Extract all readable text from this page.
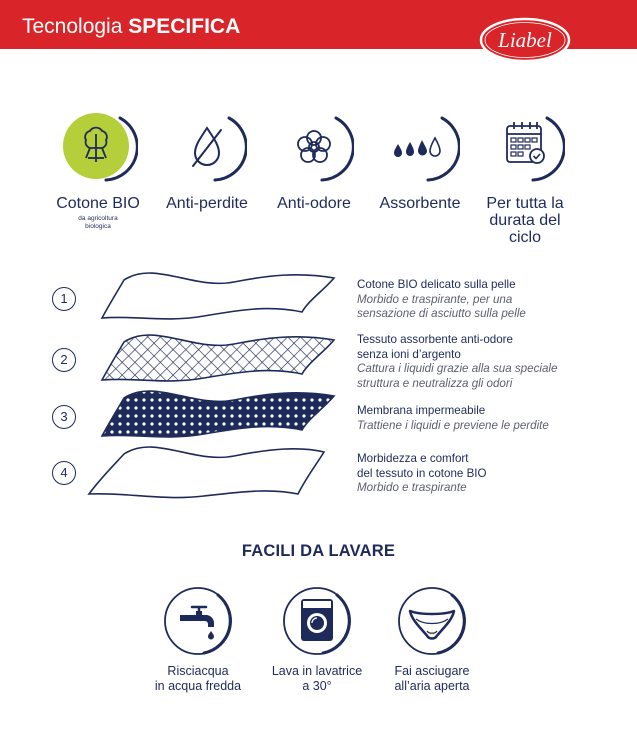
Tecnologia SPECIFICA
Liabel
Cotone BIO
da agricoltura
biologica
Anti-perdite	Anti-odore	Assorbente	Per tutta la
durata del
ciclo
1
2
3
4
Cotone BIO delicato sulla pelle
Morbido e traspirante, per una
sensazione di asciutto sulla pelle
Tessuto assorbente anti-odore
senza ioni d’argento
Cattura i liquidi grazie alla sua speciale
struttura e neutralizza gli odori
Membrana impermeabile
Trattiene i liquidi e previene le perdite
Morbidezza e comfort
del tessuto in cotone BIO
Morbido e traspirante
FACILI DA LAVARE
Risciacqua
in acqua fredda
Lava in lavatrice
a 30°
Fai asciugare
all’aria aperta
